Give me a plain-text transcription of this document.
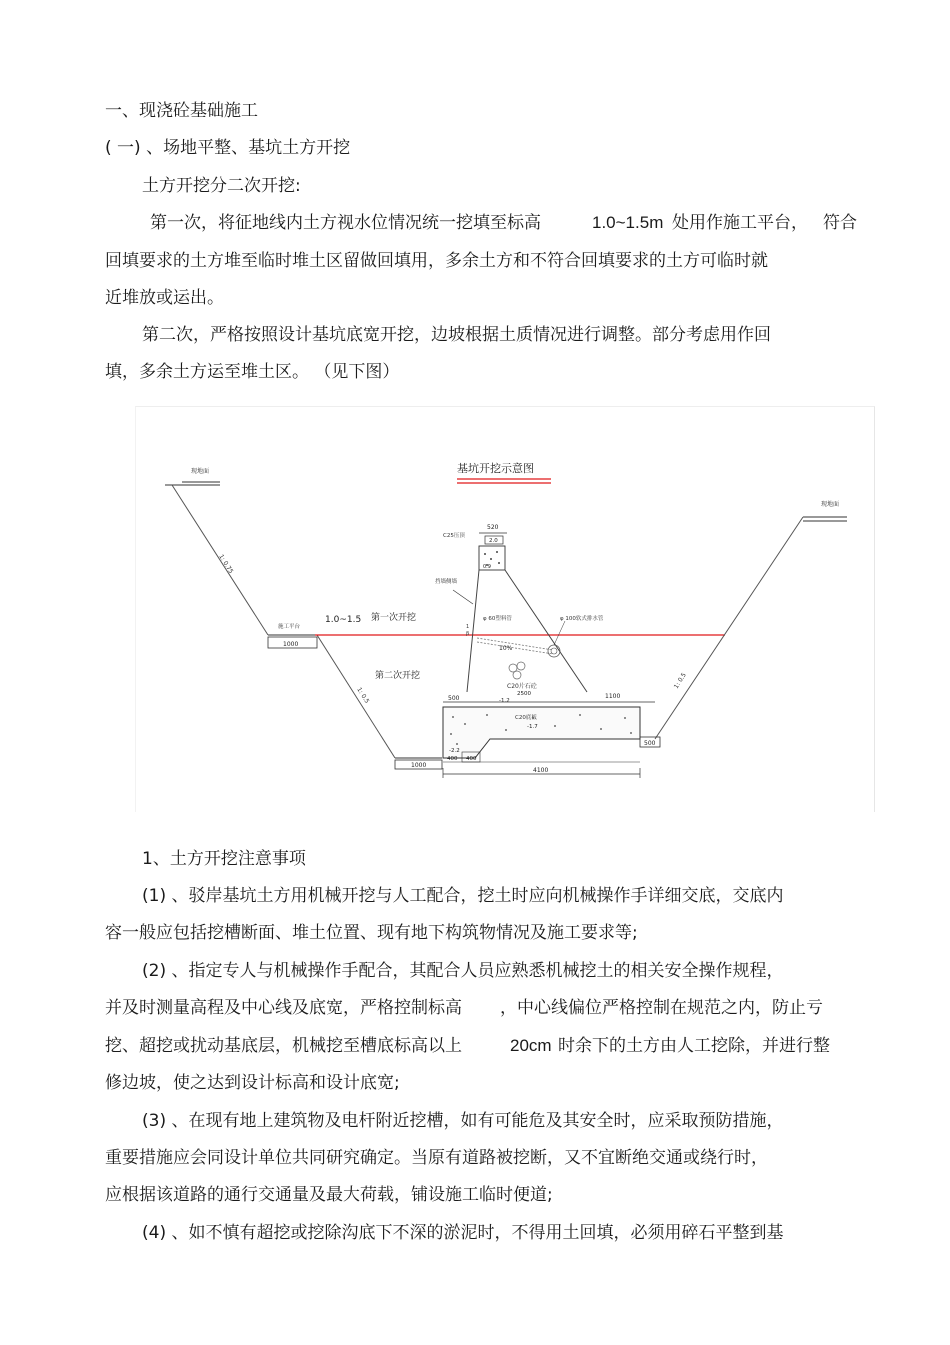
一、现浇砼基础施工
( 一) 、场地平整、基坑土方开挖
土方开挖分二次开挖:
第一次，将征地线内土方视水位情况统一挖填至标高	1.0~1.5m 处用作施工平台， 符合
回填要求的土方堆至临时堆土区留做回填用，多余土方和不符合回填要求的土方可临时就
近堆放或运出。
第二次，严格按照设计基坑底宽开挖，边坡根据土质情况进行调整。部分考虑用作回
填，多余土方运至堆土区。 （见下图）
基坑开挖示意图
现地面
现地面
1: 0.75
施工平台
1000
1: 0.5
1000
1.0~1.5 第一次开挖
第二次开挖	1: 0.5
500
520
2.0
C25压顶
0.9
挡墙侧墙
φ 60塑料管	φ 100软式排水管
10%
1
β
C20片石砼
2500
500	1100
-1.2
C20底板
-1.7
-2.2
400 400
4100
1、土方开挖注意事项
(1) 、驳岸基坑土方用机械开挖与人工配合，挖土时应向机械操作手详细交底，交底内
容一般应包括挖槽断面、堆土位置、现有地下构筑物情况及施工要求等;
(2) 、指定专人与机械操作手配合，其配合人员应熟悉机械挖土的相关安全操作规程，
并及时测量高程及中心线及底宽，严格控制标高 ，中心线偏位严格控制在规范之内，防止亏
挖、超挖或扰动基底层，机械挖至槽底标高以上	20cm 时余下的土方由人工挖除，并进行整
修边坡，使之达到设计标高和设计底宽;
(3) 、在现有地上建筑物及电杆附近挖槽，如有可能危及其安全时，应采取预防措施，
重要措施应会同设计单位共同研究确定。当原有道路被挖断，又不宜断绝交通或绕行时，
应根据该道路的通行交通量及最大荷载，铺设施工临时便道;
(4) 、如不慎有超挖或挖除沟底下不深的淤泥时，不得用土回填，必须用碎石平整到基
